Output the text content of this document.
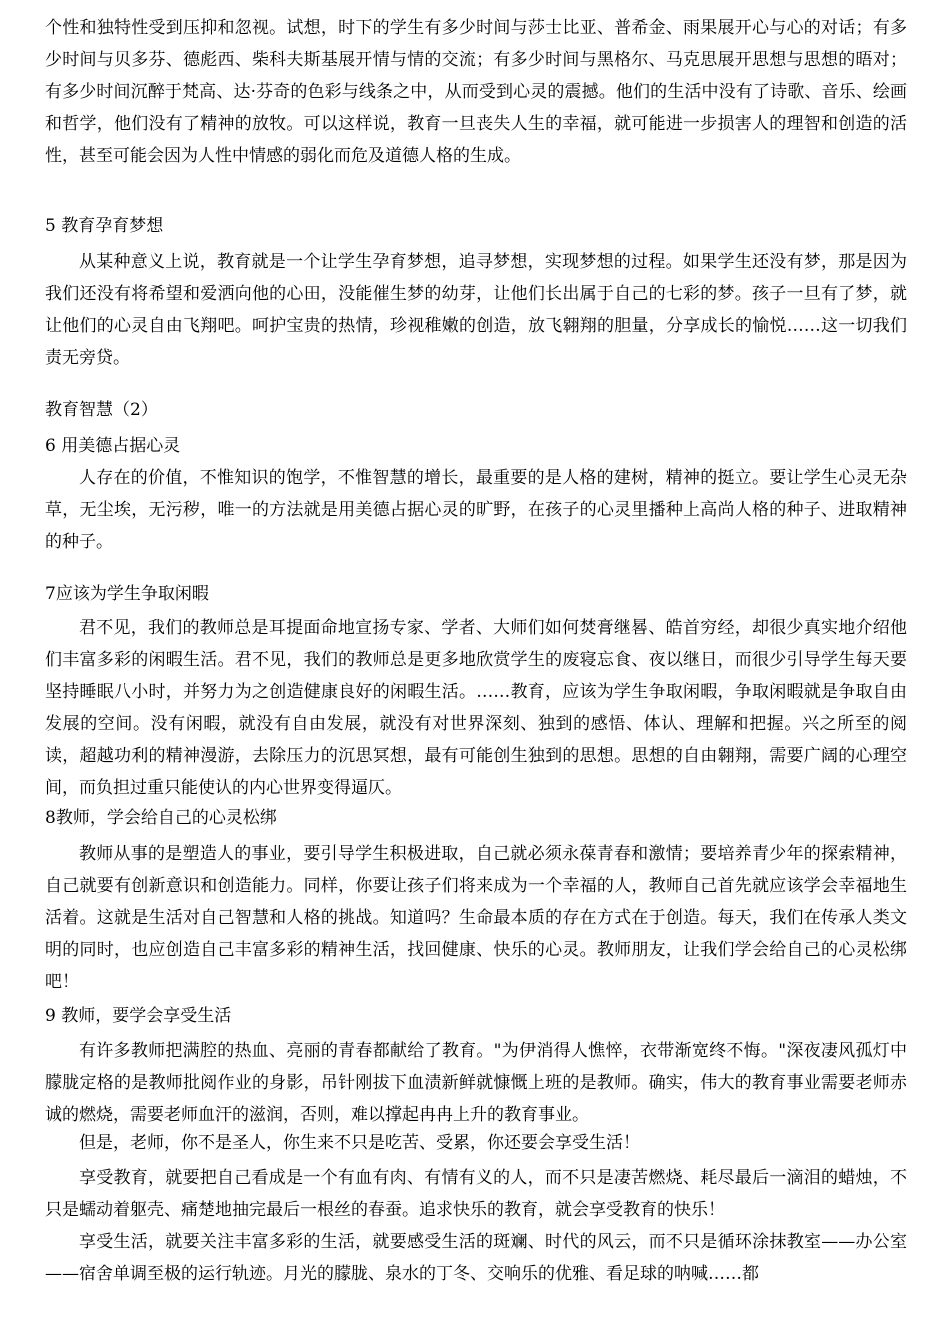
个性和独特性受到压抑和忽视。试想，时下的学生有多少时间与莎士比亚、普希金、雨果展开心与心的对话；有多少时间与贝多芬、德彪西、柴科夫斯基展开情与情的交流；有多少时间与黑格尔、马克思展开思想与思想的晤对；有多少时间沉醉于梵高、达·芬奇的色彩与线条之中，从而受到心灵的震撼。他们的生活中没有了诗歌、音乐、绘画和哲学，他们没有了精神的放牧。可以这样说，教育一旦丧失人生的幸福，就可能进一步损害人的理智和创造的活性，甚至可能会因为人性中情感的弱化而危及道德人格的生成。

5 教育孕育梦想

从某种意义上说，教育就是一个让学生孕育梦想，追寻梦想，实现梦想的过程。如果学生还没有梦，那是因为我们还没有将希望和爱洒向他的心田，没能催生梦的幼芽，让他们长出属于自己的七彩的梦。孩子一旦有了梦，就让他们的心灵自由飞翔吧。呵护宝贵的热情，珍视稚嫩的创造，放飞翱翔的胆量，分享成长的愉悦……这一切我们责无旁贷。

教育智慧（2）

6 用美德占据心灵

人存在的价值，不惟知识的饱学，不惟智慧的增长，最重要的是人格的建树，精神的挺立。要让学生心灵无杂草，无尘埃，无污秽，唯一的方法就是用美德占据心灵的旷野，在孩子的心灵里播种上高尚人格的种子、进取精神的种子。

7应该为学生争取闲暇

君不见，我们的教师总是耳提面命地宣扬专家、学者、大师们如何焚膏继晷、皓首穷经，却很少真实地介绍他们丰富多彩的闲暇生活。君不见，我们的教师总是更多地欣赏学生的废寝忘食、夜以继日，而很少引导学生每天要坚持睡眠八小时，并努力为之创造健康良好的闲暇生活。……教育，应该为学生争取闲暇，争取闲暇就是争取自由发展的空间。没有闲暇，就没有自由发展，就没有对世界深刻、独到的感悟、体认、理解和把握。兴之所至的阅读，超越功利的精神漫游，去除压力的沉思冥想，最有可能创生独到的思想。思想的自由翱翔，需要广阔的心理空间，而负担过重只能使认的内心世界变得逼仄。

8教师，学会给自己的心灵松绑

教师从事的是塑造人的事业，要引导学生积极进取，自己就必须永葆青春和激情；要培养青少年的探索精神，自己就要有创新意识和创造能力。同样，你要让孩子们将来成为一个幸福的人，教师自己首先就应该学会幸福地生活着。这就是生活对自己智慧和人格的挑战。知道吗？生命最本质的存在方式在于创造。每天，我们在传承人类文明的同时，也应创造自己丰富多彩的精神生活，找回健康、快乐的心灵。教师朋友，让我们学会给自己的心灵松绑吧！

9 教师，要学会享受生活

有许多教师把满腔的热血、亮丽的青春都献给了教育。"为伊消得人憔悴，衣带渐宽终不悔。"深夜凄风孤灯中朦胧定格的是教师批阅作业的身影，吊针刚拔下血渍新鲜就慷慨上班的是教师。确实，伟大的教育事业需要老师赤诚的燃烧，需要老师血汗的滋润，否则，难以撑起冉冉上升的教育事业。

但是，老师，你不是圣人，你生来不只是吃苦、受累，你还要会享受生活！

享受教育，就要把自己看成是一个有血有肉、有情有义的人，而不只是凄苦燃烧、耗尽最后一滴泪的蜡烛，不只是蠕动着躯壳、痛楚地抽完最后一根丝的春蚕。追求快乐的教育，就会享受教育的快乐！

享受生活，就要关注丰富多彩的生活，就要感受生活的斑斓、时代的风云，而不只是循环涂抹教室——办公室——宿舍单调至极的运行轨迹。月光的朦胧、泉水的丁冬、交响乐的优雅、看足球的呐喊……都
